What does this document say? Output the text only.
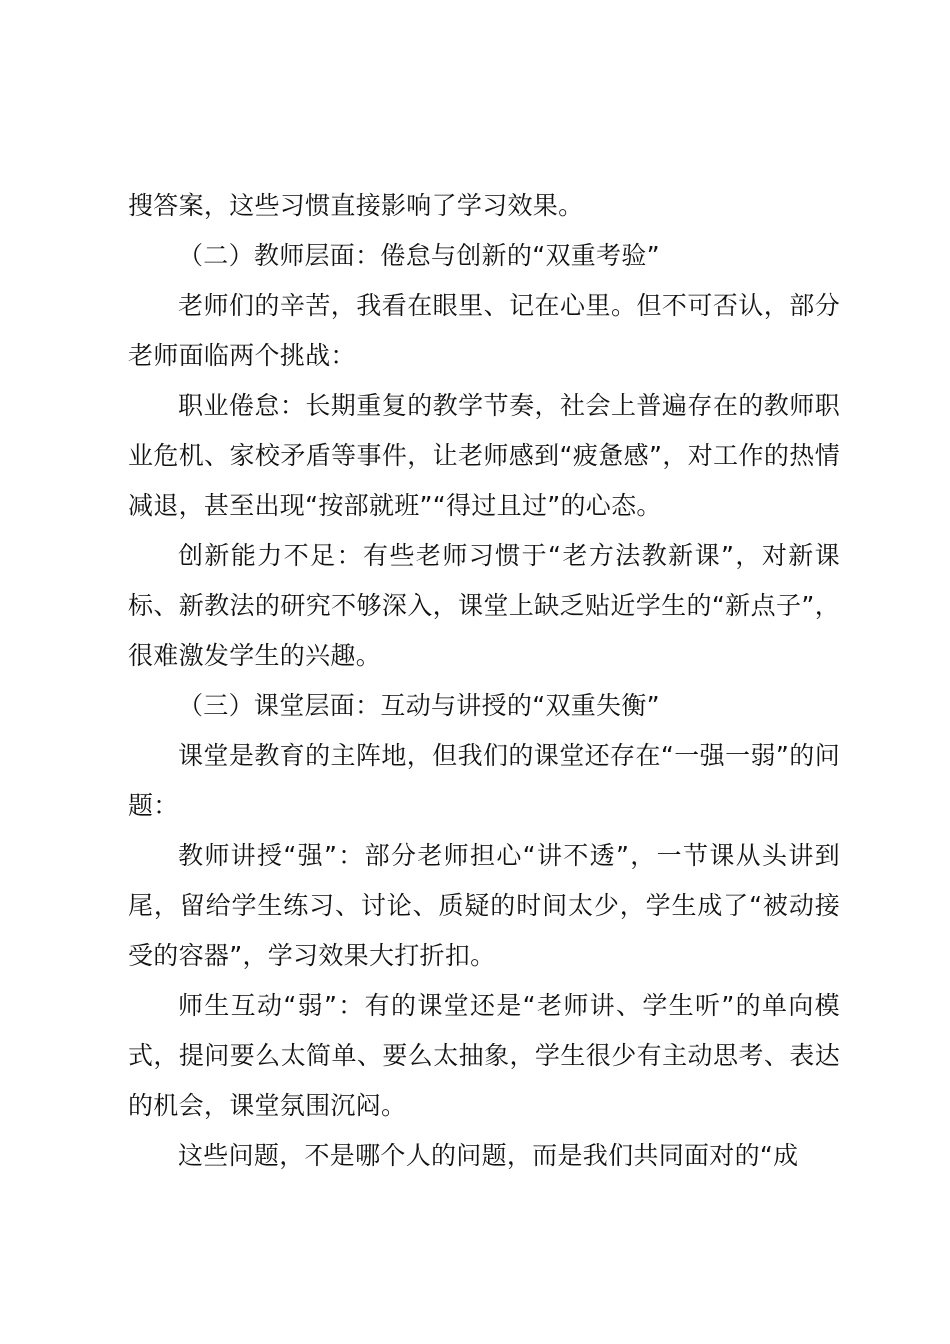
搜答案，这些习惯直接影响了学习效果。

（二）教师层面：倦怠与创新的“双重考验”

老师们的辛苦，我看在眼里、记在心里。但不可否认，部分老师面临两个挑战：

职业倦怠：长期重复的教学节奏，社会上普遍存在的教师职业危机、家校矛盾等事件，让老师感到“疲惫感”，对工作的热情减退，甚至出现“按部就班”“得过且过”的心态。

创新能力不足：有些老师习惯于“老方法教新课”，对新课标、新教法的研究不够深入，课堂上缺乏贴近学生的“新点子”，很难激发学生的兴趣。

（三）课堂层面：互动与讲授的“双重失衡”

课堂是教育的主阵地，但我们的课堂还存在“一强一弱”的问题：

教师讲授“强”：部分老师担心“讲不透”，一节课从头讲到尾，留给学生练习、讨论、质疑的时间太少，学生成了“被动接受的容器”，学习效果大打折扣。

师生互动“弱”：有的课堂还是“老师讲、学生听”的单向模式，提问要么太简单、要么太抽象，学生很少有主动思考、表达的机会，课堂氛围沉闷。

这些问题，不是哪个人的问题，而是我们共同面对的“成
